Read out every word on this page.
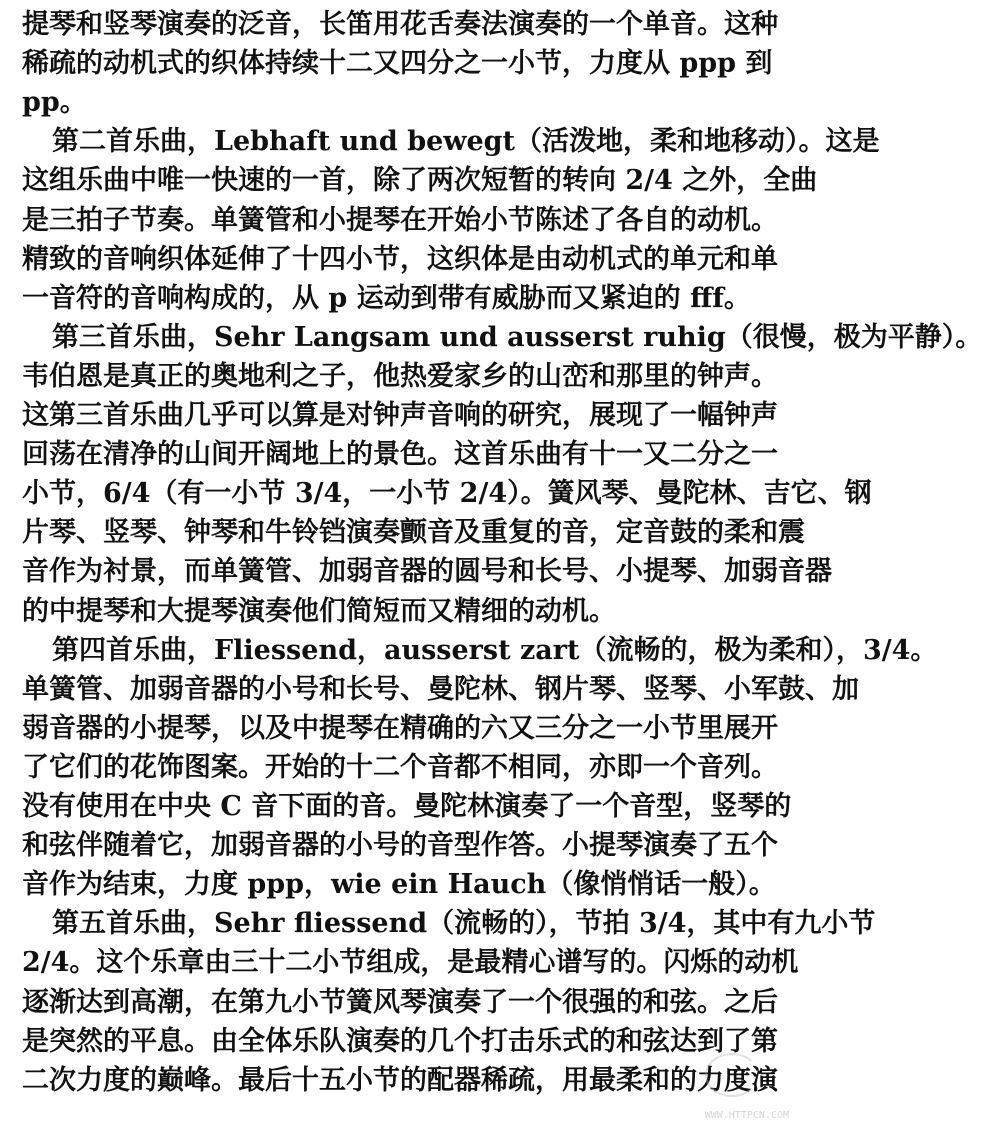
提琴和竖琴演奏的泛音，长笛用花舌奏法演奏的一个单音。这种
稀疏的动机式的织体持续十二又四分之一小节，力度从 ppp 到
pp。
第二首乐曲，Lebhaft und bewegt（活泼地，柔和地移动）。这是
这组乐曲中唯一快速的一首，除了两次短暂的转向 2/4 之外，全曲
是三拍子节奏。单簧管和小提琴在开始小节陈述了各自的动机。
精致的音响织体延伸了十四小节，这织体是由动机式的单元和单
一音符的音响构成的，从 p 运动到带有威胁而又紧迫的 fff。
第三首乐曲，Sehr Langsam und ausserst ruhig（很慢，极为平静）。
韦伯恩是真正的奥地利之子，他热爱家乡的山峦和那里的钟声。
这第三首乐曲几乎可以算是对钟声音响的研究，展现了一幅钟声
回荡在清净的山间开阔地上的景色。这首乐曲有十一又二分之一
小节，6/4（有一小节 3/4，一小节 2/4）。簧风琴、曼陀林、吉它、钢
片琴、竖琴、钟琴和牛铃铛演奏颤音及重复的音，定音鼓的柔和震
音作为衬景，而单簧管、加弱音器的圆号和长号、小提琴、加弱音器
的中提琴和大提琴演奏他们简短而又精细的动机。
第四首乐曲，Fliessend，ausserst zart（流畅的，极为柔和），3/4。
单簧管、加弱音器的小号和长号、曼陀林、钢片琴、竖琴、小军鼓、加
弱音器的小提琴，以及中提琴在精确的六又三分之一小节里展开
了它们的花饰图案。开始的十二个音都不相同，亦即一个音列。
没有使用在中央 C 音下面的音。曼陀林演奏了一个音型，竖琴的
和弦伴随着它，加弱音器的小号的音型作答。小提琴演奏了五个
音作为结束，力度 ppp，wie ein Hauch（像悄悄话一般）。
第五首乐曲，Sehr fliessend（流畅的），节拍 3/4，其中有九小节
2/4。这个乐章由三十二小节组成，是最精心谱写的。闪烁的动机
逐渐达到高潮，在第九小节簧风琴演奏了一个很强的和弦。之后
是突然的平息。由全体乐队演奏的几个打击乐式的和弦达到了第
二次力度的巅峰。最后十五小节的配器稀疏，用最柔和的力度演
WWW.HTTPCN.COM
